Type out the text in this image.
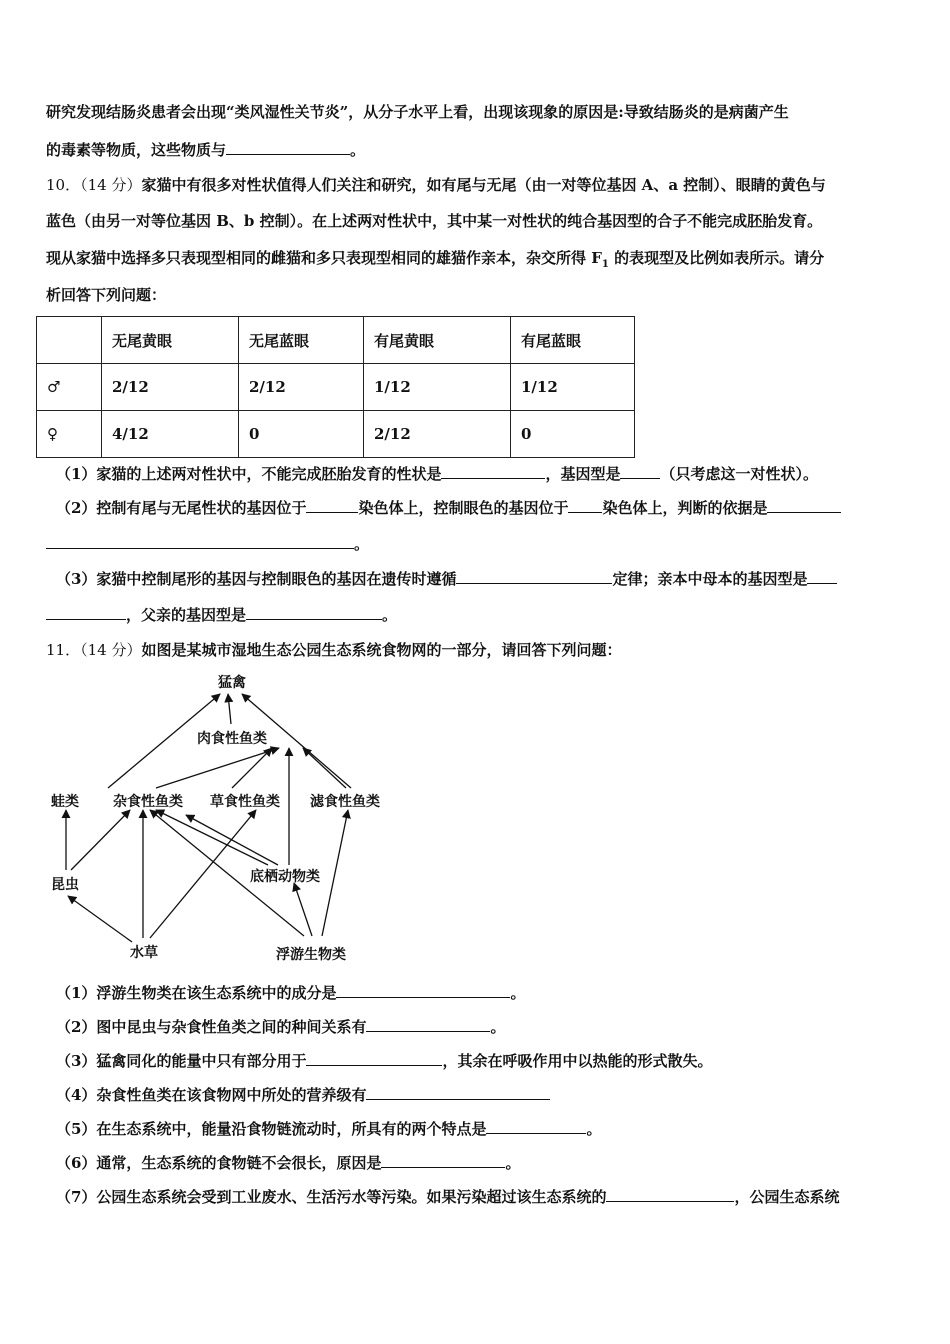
研究发现结肠炎患者会出现“类风湿性关节炎”，从分子水平上看，出现该现象的原因是:导致结肠炎的是病菌产生
的毒素等物质，这些物质与	。
10．（14 分）家猫中有很多对性状值得人们关注和研究，如有尾与无尾（由一对等位基因 A、a 控制）、眼睛的黄色与
蓝色（由另一对等位基因 B、b 控制）。在上述两对性状中，其中某一对性状的纯合基因型的合子不能完成胚胎发育。
现从家猫中选择多只表现型相同的雌猫和多只表现型相同的雄猫作亲本，杂交所得 $F_1$ 的表现型及比例如表所示。请分
析回答下列问题：
	无尾黄眼	无尾蓝眼	有尾黄眼	有尾蓝眼
♂	2/12	2/12	1/12	1/12
♀	4/12	0	2/12	0
（1）家猫的上述两对性状中，不能完成胚胎发育的性状是	，基因型是	（只考虑这一对性状）。
（2）控制有尾与无尾性状的基因位于	染色体上，控制眼色的基因位于 染色体上，判断的依据是
。
（3）家猫中控制尾形的基因与控制眼色的基因在遗传时遵循	定律；亲本中母本的基因型是
，父亲的基因型是	。
11．（14 分）如图是某城市湿地生态公园生态系统食物网的一部分，请回答下列问题：
猛禽
肉食性鱼类
蛙类 杂食性鱼类 草食性鱼类 滤食性鱼类
昆虫	底栖动物类
水草	浮游生物类
（1）浮游生物类在该生态系统中的成分是	。
（2）图中昆虫与杂食性鱼类之间的种间关系有	。
（3）猛禽同化的能量中只有部分用于	，其余在呼吸作用中以热能的形式散失。
（4）杂食性鱼类在该食物网中所处的营养级有
（5）在生态系统中，能量沿食物链流动时，所具有的两个特点是	。
（6）通常，生态系统的食物链不会很长，原因是	。
（7）公园生态系统会受到工业废水、生活污水等污染。如果污染超过该生态系统的	，公园生态系统
